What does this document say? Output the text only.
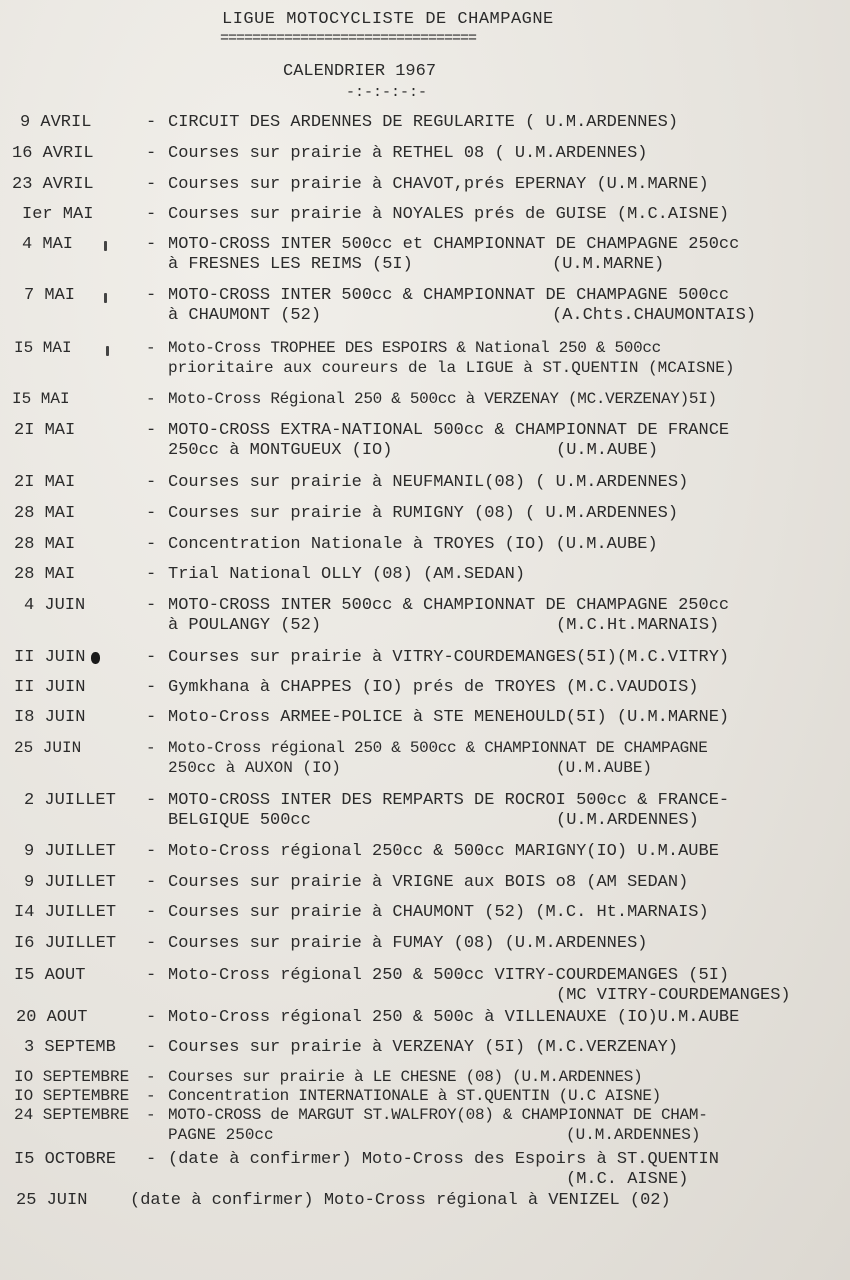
LIGUE MOTOCYCLISTE DE CHAMPAGNE
================================
CALENDRIER 1967
-:-:-:-:-
9 AVRIL	- CIRCUIT DES ARDENNES DE REGULARITE ( U.M.ARDENNES)
16 AVRIL	- Courses sur prairie à RETHEL 08 ( U.M.ARDENNES)
23 AVRIL	- Courses sur prairie à CHAVOT,prés EPERNAY (U.M.MARNE)
Ier MAI	- Courses sur prairie à NOYALES prés de GUISE (M.C.AISNE)
4 MAI	- MOTO-CROSS INTER 500cc et CHAMPIONNAT DE CHAMPAGNE 250cc
à FRESNES LES REIMS (5I)	(U.M.MARNE)
7 MAI	- MOTO-CROSS INTER 500cc & CHAMPIONNAT DE CHAMPAGNE 500cc
à CHAUMONT (52)	(A.Chts.CHAUMONTAIS)
I5 MAI	- Moto-Cross TROPHEE DES ESPOIRS & National 250 & 500cc
prioritaire aux coureurs de la LIGUE à ST.QUENTIN (MCAISNE)
I5 MAI	- Moto-Cross Régional 250 & 500cc à VERZENAY (MC.VERZENAY)5I)
2I MAI	- MOTO-CROSS EXTRA-NATIONAL 500cc & CHAMPIONNAT DE FRANCE
250cc à MONTGUEUX (IO)	(U.M.AUBE)
2I MAI	- Courses sur prairie à NEUFMANIL(08) ( U.M.ARDENNES)
28 MAI	- Courses sur prairie à RUMIGNY (08) ( U.M.ARDENNES)
28 MAI	- Concentration Nationale à TROYES (IO) (U.M.AUBE)
28 MAI	- Trial National OLLY (08) (AM.SEDAN)
4 JUIN	- MOTO-CROSS INTER 500cc & CHAMPIONNAT DE CHAMPAGNE 250cc
à POULANGY (52)	(M.C.Ht.MARNAIS)
II JUIN	- Courses sur prairie à VITRY-COURDEMANGES(5I)(M.C.VITRY)
II JUIN	- Gymkhana à CHAPPES (IO) prés de TROYES (M.C.VAUDOIS)
I8 JUIN	- Moto-Cross ARMEE-POLICE à STE MENEHOULD(5I) (U.M.MARNE)
25 JUIN	- Moto-Cross régional 250 & 500cc & CHAMPIONNAT DE CHAMPAGNE
250cc à AUXON (IO)	(U.M.AUBE)
2 JUILLET - MOTO-CROSS INTER DES REMPARTS DE ROCROI 500cc & FRANCE-
BELGIQUE 500cc	(U.M.ARDENNES)
9 JUILLET - Moto-Cross régional 250cc & 500cc MARIGNY(IO) U.M.AUBE
9 JUILLET - Courses sur prairie à VRIGNE aux BOIS o8 (AM SEDAN)
I4 JUILLET - Courses sur prairie à CHAUMONT (52) (M.C. Ht.MARNAIS)
I6 JUILLET - Courses sur prairie à FUMAY (08) (U.M.ARDENNES)
I5 AOUT	- Moto-Cross régional 250 & 500cc VITRY-COURDEMANGES (5I)
(MC VITRY-COURDEMANGES)
20 AOUT	- Moto-Cross régional 250 & 500c à VILLENAUXE (IO)U.M.AUBE
3 SEPTEMB - Courses sur prairie à VERZENAY (5I) (M.C.VERZENAY)
IO SEPTEMBRE - Courses sur prairie à LE CHESNE (08) (U.M.ARDENNES)
IO SEPTEMBRE - Concentration INTERNATIONALE à ST.QUENTIN (U.C AISNE)
24 SEPTEMBRE - MOTO-CROSS de MARGUT ST.WALFROY(08) & CHAMPIONNAT DE CHAM-
PAGNE 250cc	(U.M.ARDENNES)
I5 OCTOBRE - (date à confirmer) Moto-Cross des Espoirs à ST.QUENTIN
(M.C. AISNE)
25 JUIN	(date à confirmer) Moto-Cross régional à VENIZEL (02)
